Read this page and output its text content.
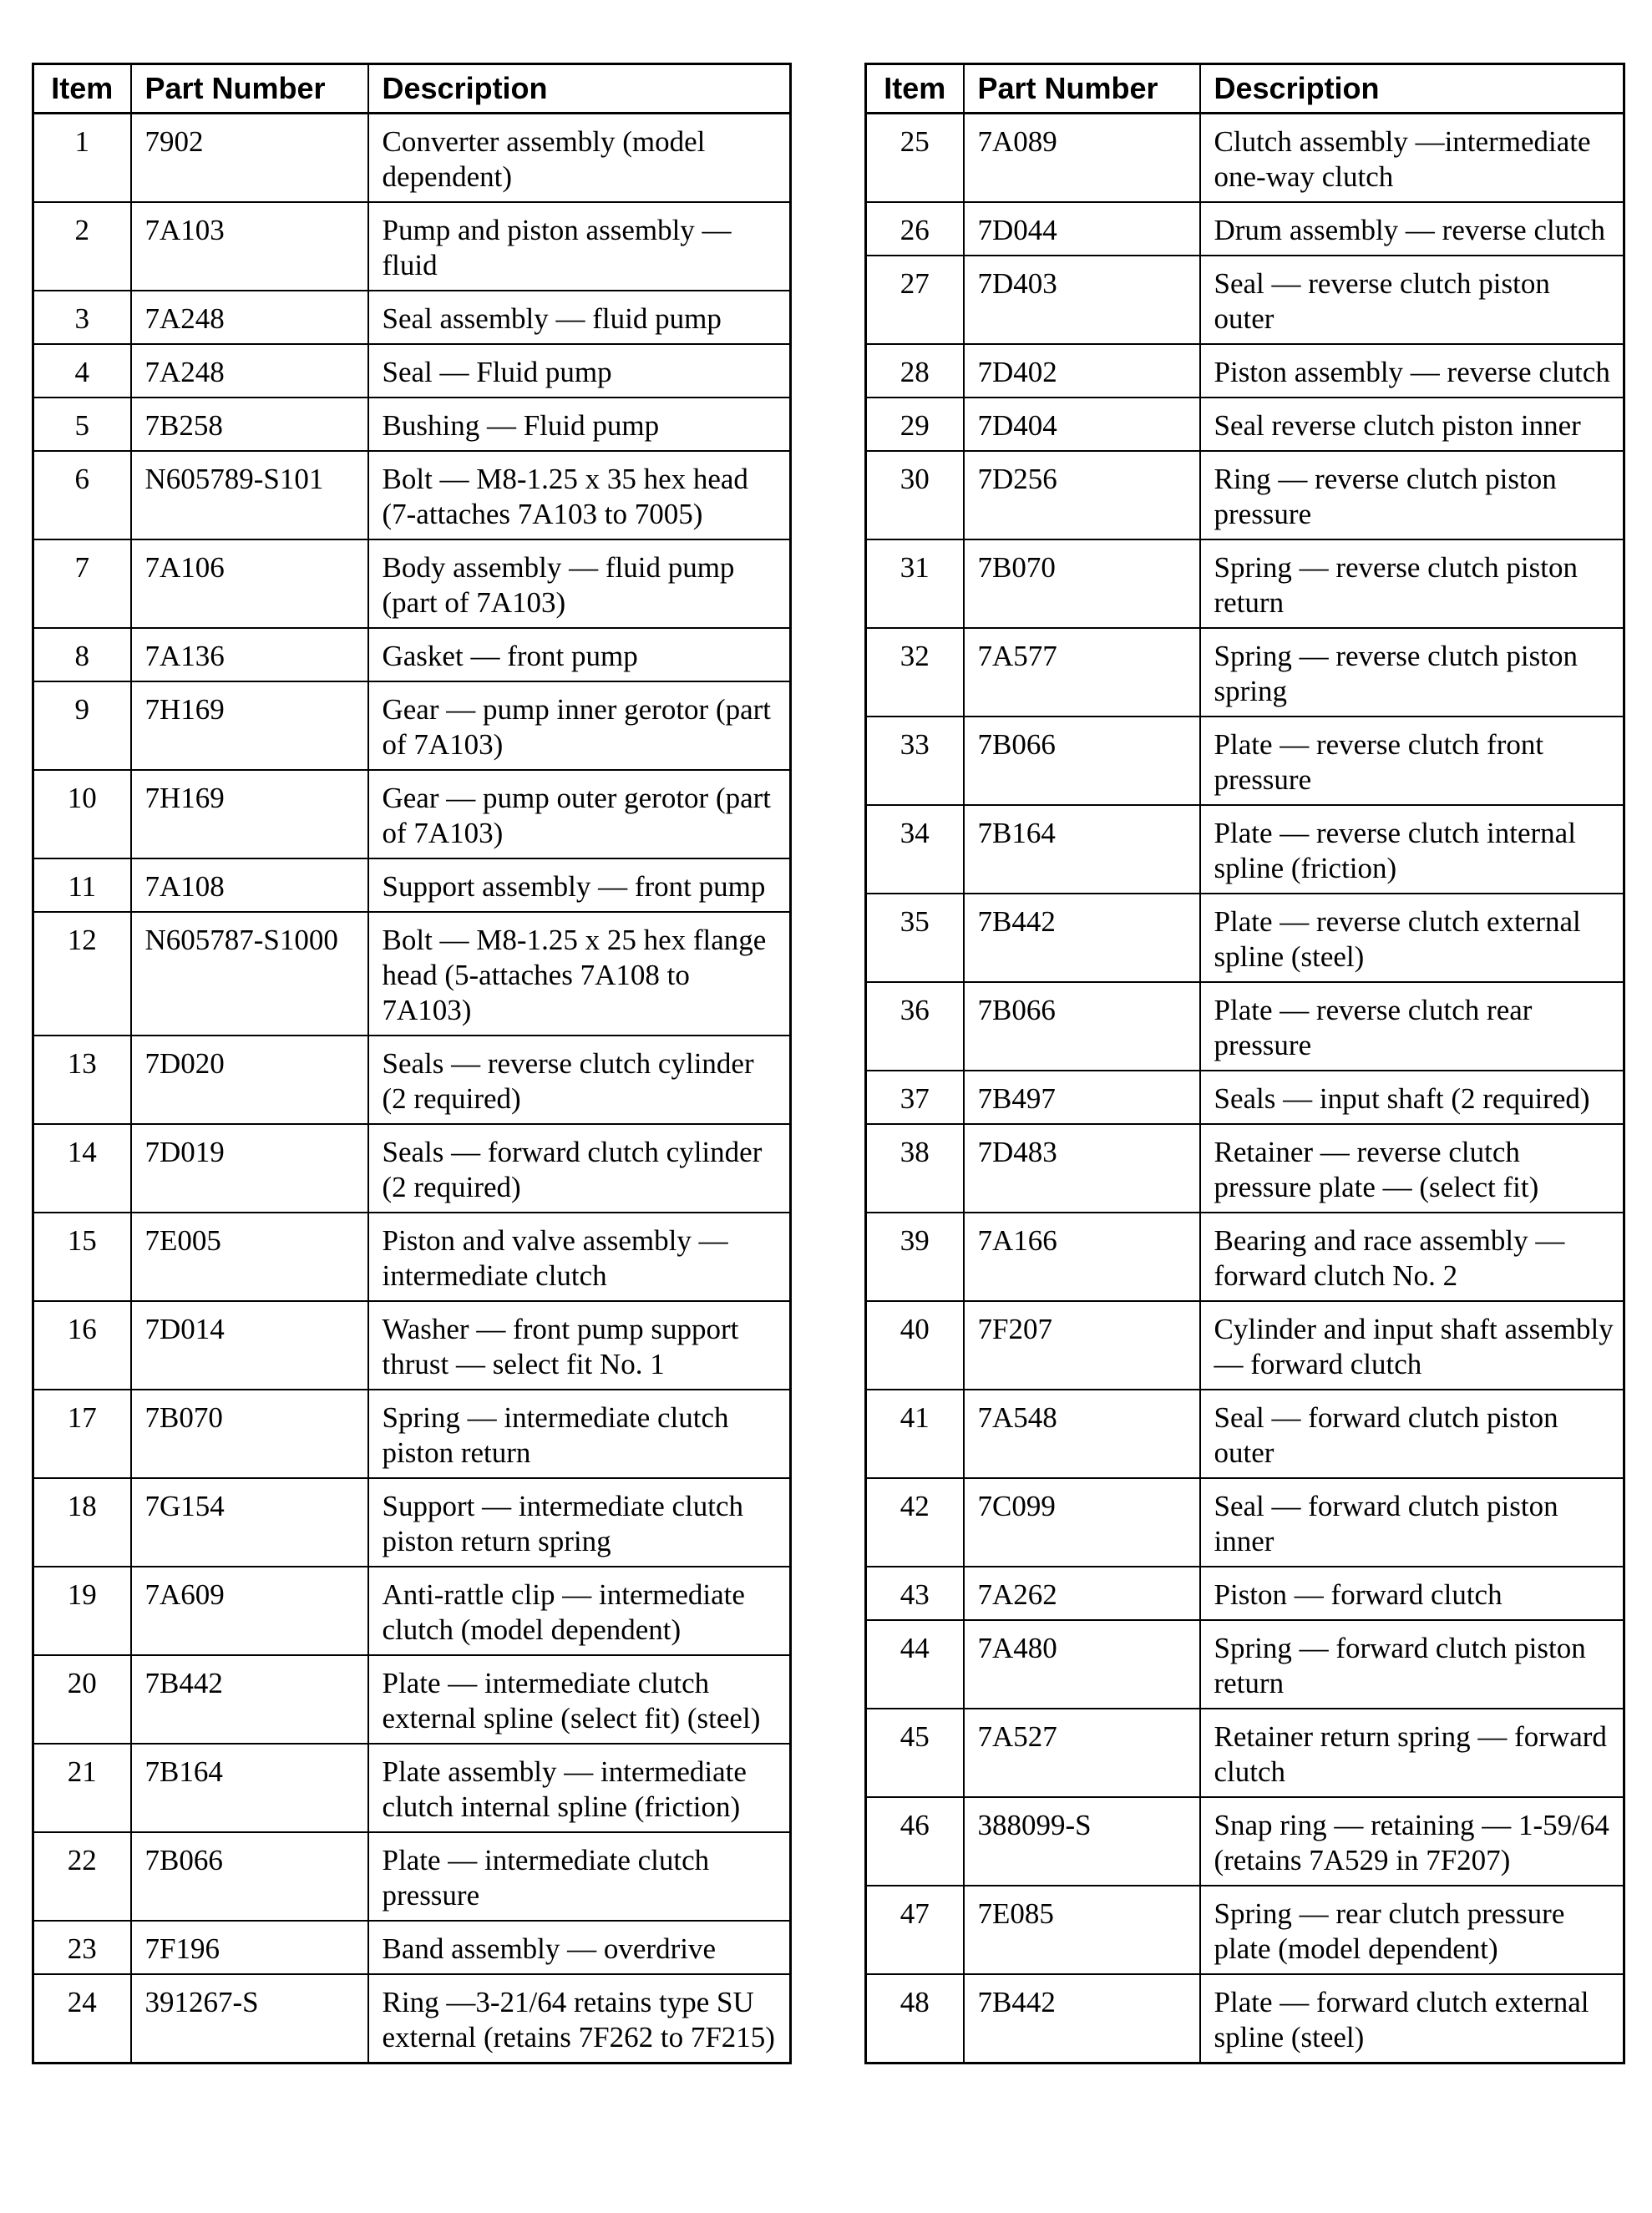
Item	Part Number	Description
1	7902	Converter assembly (model dependent)
2	7A103	Pump and piston assembly — fluid
3	7A248	Seal assembly — fluid pump
4	7A248	Seal — Fluid pump
5	7B258	Bushing — Fluid pump
6	N605789-S101	Bolt — M8-1.25 x 35 hex head (7-attaches 7A103 to 7005)
7	7A106	Body assembly — fluid pump (part of 7A103)
8	7A136	Gasket — front pump
9	7H169	Gear — pump inner gerotor (part of 7A103)
10	7H169	Gear — pump outer gerotor (part of 7A103)
11	7A108	Support assembly — front pump
12	N605787-S1000	Bolt — M8-1.25 x 25 hex flange head (5-attaches 7A108 to 7A103)
13	7D020	Seals — reverse clutch cylinder (2 required)
14	7D019	Seals — forward clutch cylinder (2 required)
15	7E005	Piston and valve assembly — intermediate clutch
16	7D014	Washer — front pump support thrust — select fit No. 1
17	7B070	Spring — intermediate clutch piston return
18	7G154	Support — intermediate clutch piston return spring
19	7A609	Anti-rattle clip — intermediate clutch (model dependent)
20	7B442	Plate — intermediate clutch external spline (select fit) (steel)
21	7B164	Plate assembly — intermediate clutch internal spline (friction)
22	7B066	Plate — intermediate clutch pressure
23	7F196	Band assembly — overdrive
24	391267-S	Ring —3-21/64 retains type SU external (retains 7F262 to 7F215)
Item	Part Number	Description
25	7A089	Clutch assembly —intermediate one-way clutch
26	7D044	Drum assembly — reverse clutch
27	7D403	Seal — reverse clutch piston outer
28	7D402	Piston assembly — reverse clutch
29	7D404	Seal reverse clutch piston inner
30	7D256	Ring — reverse clutch piston pressure
31	7B070	Spring — reverse clutch piston return
32	7A577	Spring — reverse clutch piston spring
33	7B066	Plate — reverse clutch front pressure
34	7B164	Plate — reverse clutch internal spline (friction)
35	7B442	Plate — reverse clutch external spline (steel)
36	7B066	Plate — reverse clutch rear pressure
37	7B497	Seals — input shaft (2 required)
38	7D483	Retainer — reverse clutch pressure plate — (select fit)
39	7A166	Bearing and race assembly — forward clutch No. 2
40	7F207	Cylinder and input shaft assembly — forward clutch
41	7A548	Seal — forward clutch piston outer
42	7C099	Seal — forward clutch piston inner
43	7A262	Piston — forward clutch
44	7A480	Spring — forward clutch piston return
45	7A527	Retainer return spring — forward clutch
46	388099-S	Snap ring — retaining — 1-59/64 (retains 7A529 in 7F207)
47	7E085	Spring — rear clutch pressure plate (model dependent)
48	7B442	Plate — forward clutch external spline (steel)
